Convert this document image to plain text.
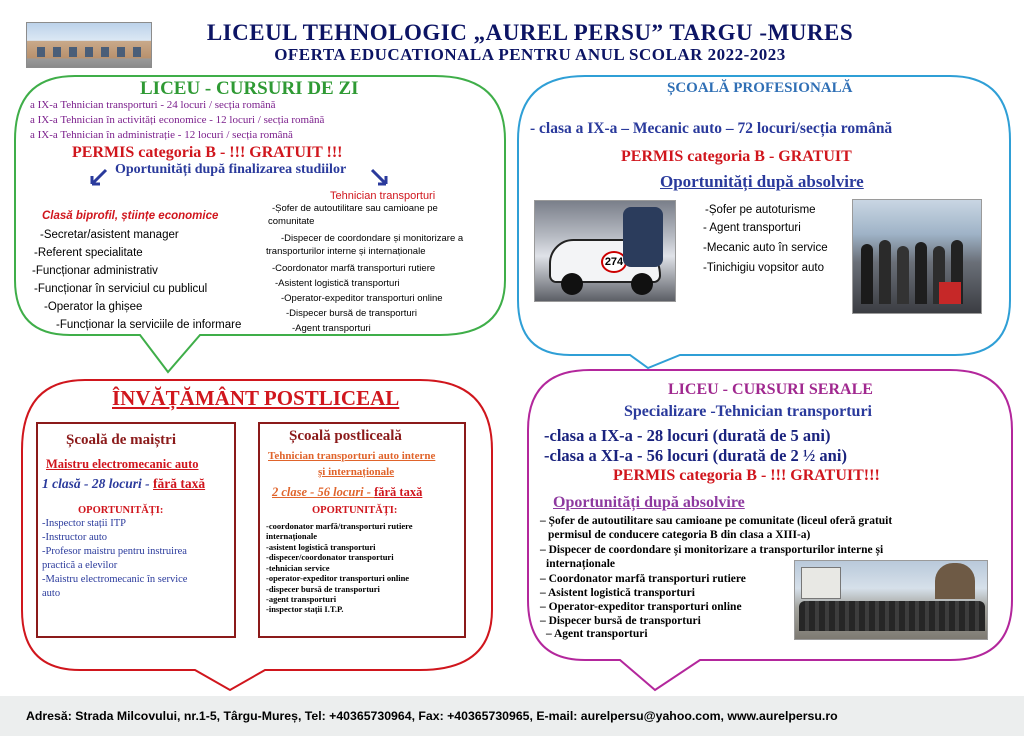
LICEUL TEHNOLOGIC „AUREL PERSU” TARGU -MURES
OFERTA EDUCATIONALA PENTRU ANUL SCOLAR 2022-2023
LICEU - CURSURI DE ZI
a IX-a Tehnician transporturi - 24 locuri / secția română
a IX-a Tehnician în activități economice - 12 locuri / secția română
a IX-a Tehnician în administrație - 12 locuri / secția română
PERMIS categoria B - !!! GRATUIT !!!
Oportunități după finalizarea studiilor
Clasă biprofil, științe economice
-Secretar/asistent manager
-Referent specialitate
-Funcționar administrativ
-Funcționar în serviciul cu publicul
-Operator la ghișee
-Funcționar la serviciile de informare
Tehnician transporturi
-Șofer de autoutilitare sau camioane pe
comunitate
-Dispecer de coordondare și monitorizare a
transporturilor interne și internaționale
-Coordonator marfă transporturi rutiere
-Asistent logistică transporturi
-Operator-expeditor transporturi online
-Dispecer bursă de transporturi
-Agent transporturi
ȘCOALĂ PROFESIONALĂ
- clasa a IX-a – Mecanic auto – 72 locuri/secția română
PERMIS categoria B - GRATUIT
Oportunități după absolvire
274
-Șofer pe autoturisme
- Agent transporturi
-Mecanic auto în service
-Tinichigiu vopsitor auto
ÎNVĂȚĂMÂNT POSTLICEAL
Școală de maiștri
Maistru electromecanic auto
1 clasă - 28 locuri - fără taxă
OPORTUNITĂȚI:
-Inspector stații ITP
-Instructor auto
-Profesor maistru pentru instruirea
practică a elevilor
-Maistru electromecanic în service
auto
Școală postliceală
Tehnician transporturi auto interne
și internaționale
2 clase - 56 locuri - fără taxă
OPORTUNITĂȚI:
-coordonator marfă/transporturi rutiere
internaționale
-asistent logistică transporturi
-dispecer/coordonator transporturi
-tehnician service
-operator-expeditor transporturi online
-dispecer bursă de transporturi
-agent transporturi
-inspector stații I.T.P.
LICEU - CURSURI SERALE
Specializare -Tehnician transporturi
-clasa a IX-a - 28 locuri (durată de 5 ani)
-clasa a XI-a - 56 locuri (durată de 2 ½ ani)
PERMIS categoria B - !!! GRATUIT!!!
Oportunități după absolvire
– Șofer de autoutilitare sau camioane pe comunitate (liceul oferă gratuit
permisul de conducere categoria B din clasa a XIII-a)
– Dispecer de coordondare și monitorizare a transporturilor interne și
internaționale
– Coordonator marfă transporturi rutiere
– Asistent logistică transporturi
– Operator-expeditor transporturi online
– Dispecer bursă de transporturi
– Agent transporturi
Adresă: Strada Milcovului, nr.1-5, Târgu-Mureș, Tel: +40365730964, Fax: +40365730965, E-mail: aurelpersu@yahoo.com, www.aurelpersu.ro
